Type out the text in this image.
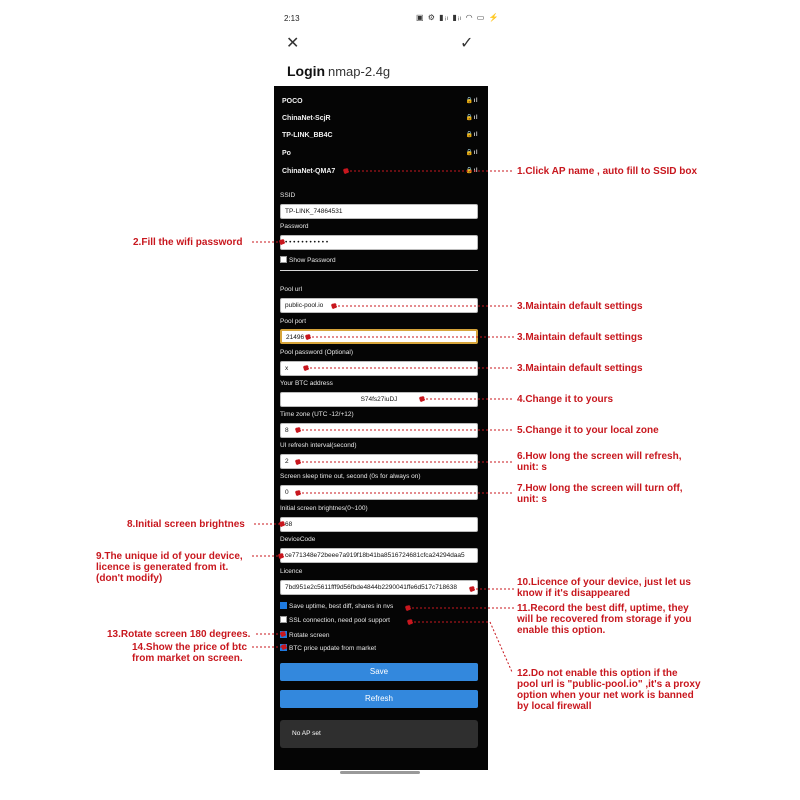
2:13	▣ ⚙ ▮ᵢₗ ▮ᵢₗ ◠ ▭ ⚡
✕	✓
Login nmap-2.4g
POCO	🔒ıl
ChinaNet-ScjR	🔒ıl
TP-LINK_BB4C	🔒ıl
Po	🔒ıl
ChinaNet-QMA7	🔒ıl
SSID
TP-LINK_74864531
Password
• • • • • • • • • • •
Show Password
Pool url
public-pool.io
Pool port
21496
Pool password (Optional)
x
Your BTC address
S74fs27iuDJ
Time zone (UTC -12/+12)
8
UI refresh interval(second)
2
Screen sleep time out, second (0s for always on)
0
Initial screen brightnes(0~100)
68
DeviceCode
ce771348e72beee7a919f18b41ba8516724681cfca24294daa5
Licence
7bd951e2c5611fff9d56fbde4844b2290041ffe6d517c718638
Save uptime, best diff, shares in nvs
SSL connection, need pool support
Rotate screen
BTC price update from market
Save
Refresh
No AP set
1.Click AP name , auto fill to SSID box
3.Maintain default settings
3.Maintain default settings
3.Maintain default settings
4.Change it to yours
5.Change it to your local zone
6.How long the screen will refresh,
unit: s
7.How long the screen will turn off,
unit: s
10.Licence of your device, just let us
know if it's disappeared
11.Record the best diff, uptime, they
will be recovered from storage if you
enable this option.
12.Do not enable this option if the
pool url is "public-pool.io" ,it's a proxy
option when your net work is banned
by local firewall
2.Fill the wifi password
8.Initial screen brightnes
9.The unique id of your device,
licence is generated from it.
(don't modify)
13.Rotate screen 180 degrees.
14.Show the price of btc
from market on screen.
